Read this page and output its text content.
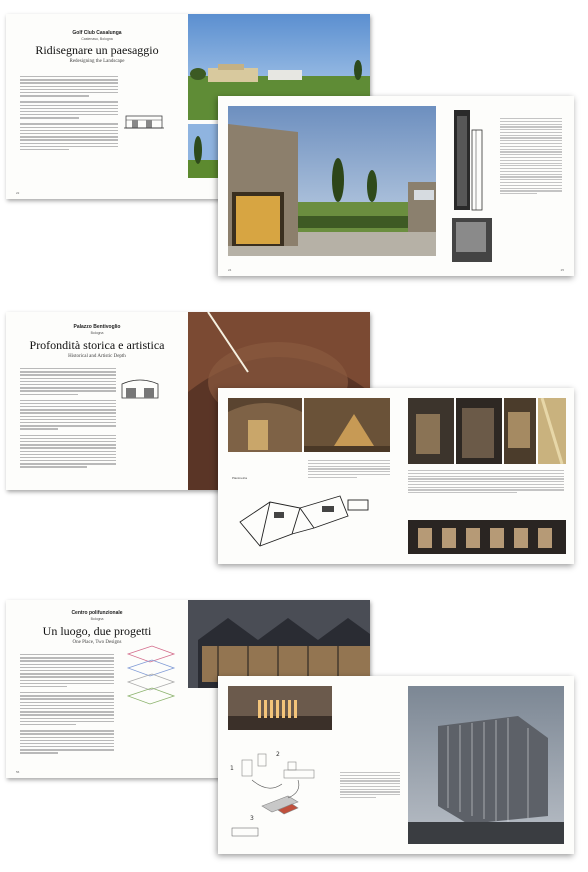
Golf Club Casalunga
Castenaso, Bologna
Ridisegnare un paesaggio
Redesigning the Landscape
22
24	25
Palazzo Bentivoglio
Bologna
Profondità storica e artistica
Historical and Artistic Depth
Planimetria
Centro polifunzionale
Bologna
Un luogo, due progetti
One Place, Two Designs
56	1
2
3
